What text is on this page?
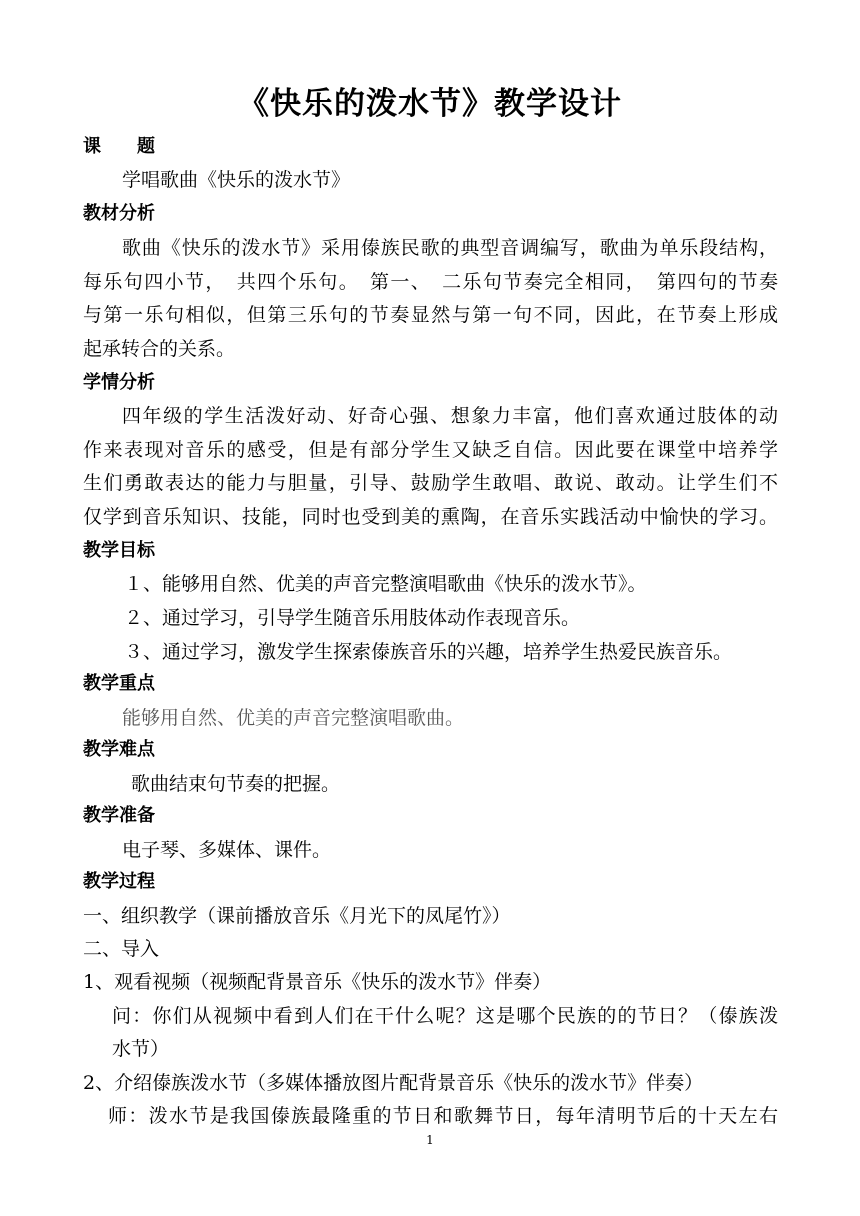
《快乐的泼水节》教学设计
课　　题
学唱歌曲《快乐的泼水节》
教材分析
歌曲《快乐的泼水节》采用傣族民歌的典型音调编写，歌曲为单乐段结构，
每乐句四小节，　共四个乐句。　第一、　二乐句节奏完全相同，　第四句的节奏
与第一乐句相似，但第三乐句的节奏显然与第一句不同，因此，在节奏上形成
起承转合的关系。
学情分析
四年级的学生活泼好动、好奇心强、想象力丰富，他们喜欢通过肢体的动
作来表现对音乐的感受，但是有部分学生又缺乏自信。因此要在课堂中培养学
生们勇敢表达的能力与胆量，引导、鼓励学生敢唱、敢说、敢动。让学生们不
仅学到音乐知识、技能，同时也受到美的熏陶，在音乐实践活动中愉快的学习。
教学目标
１、能够用自然、优美的声音完整演唱歌曲《快乐的泼水节》。
２、通过学习，引导学生随音乐用肢体动作表现音乐。
３、通过学习，激发学生探索傣族音乐的兴趣，培养学生热爱民族音乐。
教学重点
能够用自然、优美的声音完整演唱歌曲。
教学难点
歌曲结束句节奏的把握。
教学准备
电子琴、多媒体、课件。
教学过程
一、组织教学（课前播放音乐《月光下的凤尾竹》）
二、导入
1、观看视频（视频配背景音乐《快乐的泼水节》伴奏）
问：你们从视频中看到人们在干什么呢？这是哪个民族的的节日？（傣族泼
水节）
2、介绍傣族泼水节（多媒体播放图片配背景音乐《快乐的泼水节》伴奏）
师：泼水节是我国傣族最隆重的节日和歌舞节日，每年清明节后的十天左右
1
